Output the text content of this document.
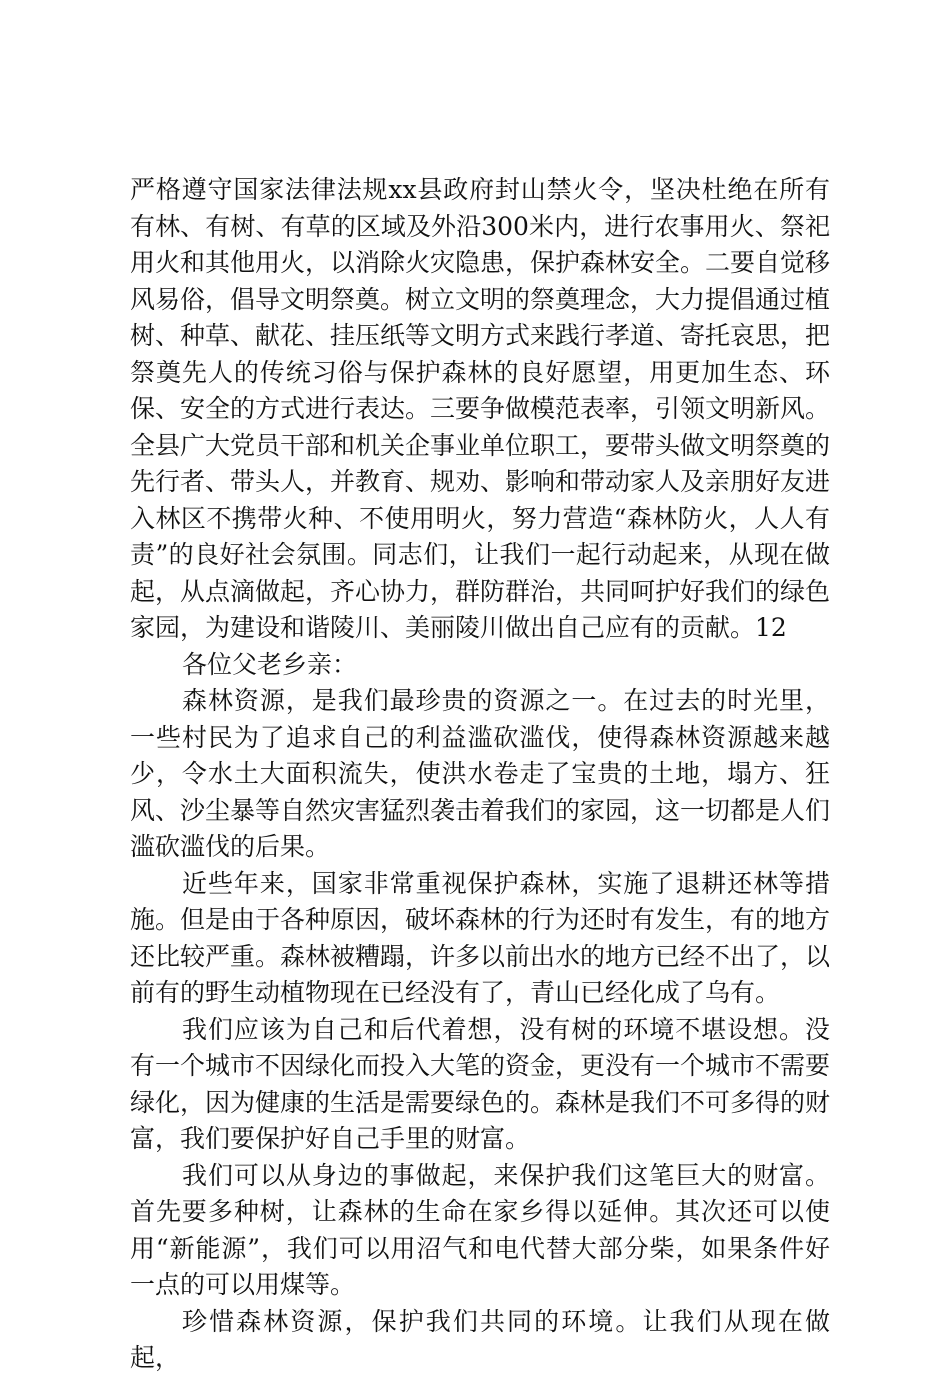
严格遵守国家法律法规xx县政府封山禁火令，坚决杜绝在所有有林、有树、有草的区域及外沿300米内，进行农事用火、祭祀用火和其他用火，以消除火灾隐患，保护森林安全。二要自觉移风易俗，倡导文明祭奠。树立文明的祭奠理念，大力提倡通过植树、种草、献花、挂压纸等文明方式来践行孝道、寄托哀思，把祭奠先人的传统习俗与保护森林的良好愿望，用更加生态、环保、安全的方式进行表达。三要争做模范表率，引领文明新风。全县广大党员干部和机关企事业单位职工，要带头做文明祭奠的先行者、带头人，并教育、规劝、影响和带动家人及亲朋好友进入林区不携带火种、不使用明火，努力营造“森林防火，人人有责”的良好社会氛围。同志们，让我们一起行动起来，从现在做起，从点滴做起，齐心协力，群防群治，共同呵护好我们的绿色家园，为建设和谐陵川、美丽陵川做出自己应有的贡献。12

各位父老乡亲：

森林资源，是我们最珍贵的资源之一。在过去的时光里，一些村民为了追求自己的利益滥砍滥伐，使得森林资源越来越少，令水土大面积流失，使洪水卷走了宝贵的土地，塌方、狂风、沙尘暴等自然灾害猛烈袭击着我们的家园，这一切都是人们滥砍滥伐的后果。

近些年来，国家非常重视保护森林，实施了退耕还林等措施。但是由于各种原因，破坏森林的行为还时有发生，有的地方还比较严重。森林被糟蹋，许多以前出水的地方已经不出了，以前有的野生动植物现在已经没有了，青山已经化成了乌有。

我们应该为自己和后代着想，没有树的环境不堪设想。没有一个城市不因绿化而投入大笔的资金，更没有一个城市不需要绿化，因为健康的生活是需要绿色的。森林是我们不可多得的财富，我们要保护好自己手里的财富。

我们可以从身边的事做起，来保护我们这笔巨大的财富。首先要多种树，让森林的生命在家乡得以延伸。其次还可以使用“新能源”，我们可以用沼气和电代替大部分柴，如果条件好一点的可以用煤等。

珍惜森林资源，保护我们共同的环境。让我们从现在做起，
